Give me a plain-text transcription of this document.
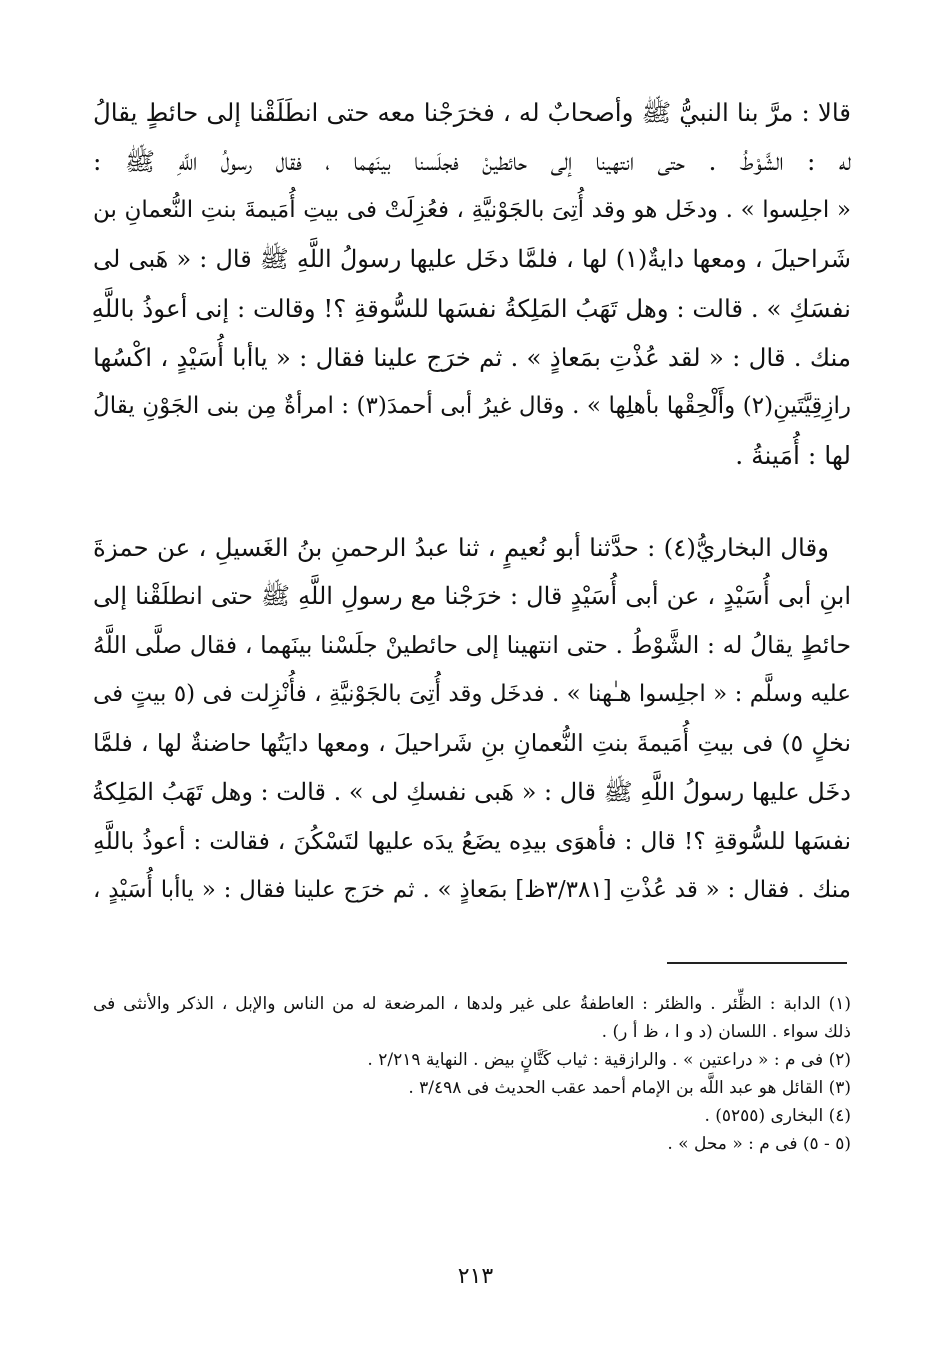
قالا : مرَّ بنا النبيُّ ﷺ وأصحابٌ له ، فخرَجْنا معه حتى انطَلَقْنا إلى حائطٍ يقالُ
له : الشَّوْطُ . حتى انتهينا إلى حائطينْ فجلَسنا بينَهما ، فقال رسولُ اللَّهِ ﷺ :
« اجلِسوا » . ودخَل هو وقد أُتِىَ بالجَوْنيَّةِ ، فعُزِلَتْ فى بيتِ أُمَيمةَ بنتِ النُّعمانِ بن
شَراحيلَ ، ومعها دايةٌ(١) لها ، فلمَّا دخَل عليها رسولُ اللَّهِ ﷺ قال : « هَبى لى
نفسَكِ » . قالت : وهل تَهَبُ المَلِكةُ نفسَها للسُّوقةِ ؟! وقالت : إنى أعوذُ باللَّهِ
منك . قال : « لقد عُذْتِ بمَعاذٍ » . ثم خرَج علينا فقال : « ياأبا أُسَيْدٍ ، اكْسُها
رازِقِيَّتَينِ(٢) وأَلْحِقْها بأهلِها » . وقال غيرُ أبى أحمدَ(٣) : امرأةٌ مِن بنى الجَوْنِ يقالُ
لها : أُمَينةُ .
وقال البخاريُّ(٤) : حدَّثنا أبو نُعيمٍ ، ثنا عبدُ الرحمنِ بنُ الغَسيلِ ، عن حمزةَ
ابنِ أبى أُسَيْدٍ ، عن أبى أُسَيْدٍ قال : خرَجْنا مع رسولِ اللَّهِ ﷺ حتى انطلَقْنا إلى
حائطٍ يقالُ له : الشَّوْطُ . حتى انتهينا إلى حائطينْ جلَسْنا بينَهما ، فقال صلَّى اللَّهُ
عليه وسلَّم : « اجلِسوا هـٰهنا » . فدخَل وقد أُتِىَ بالجَوْنيَّةِ ، فأُنْزِلت فى (٥ بيتٍ فى
نخلٍ ٥) فى بيتِ أُمَيمةَ بنتِ النُّعمانِ بنِ شَراحيلَ ، ومعها دايَتُها حاضنةٌ لها ، فلمَّا
دخَل عليها رسولُ اللَّهِ ﷺ قال : « هَبى نفسكِ لى » . قالت : وهل تَهَبُ المَلِكةُ
نفسَها للسُّوقةِ ؟! قال : فأهوَى بيدِه يضَعُ يدَه عليها لتَسْكُنَ ، فقالت : أعوذُ باللَّهِ
منك . فقال : « قد عُذْتِ [٣/٣٨١ظ] بمَعاذٍ » . ثم خرَج علينا فقال : « ياأبا أُسَيْدٍ ،
(١) الدابة : الظِّئر . والظئر : العاطفةُ على غير ولدها ، المرضعة له من الناس والإبل ، الذكر والأنثى فى
ذلك سواء . اللسان (د و ا ، ظ أ ر) .
(٢) فى م : « دراعتين » . والرازقية : ثياب كَتَّانٍ بيض . النهاية ٢/٢١٩ .
(٣) القائل هو عبد اللَّه بن الإمام أحمد عقب الحديث فى ٣/٤٩٨ .
(٤) البخارى (٥٢٥٥) .
(٥ - ٥) فى م : « محل » .
٢١٣
